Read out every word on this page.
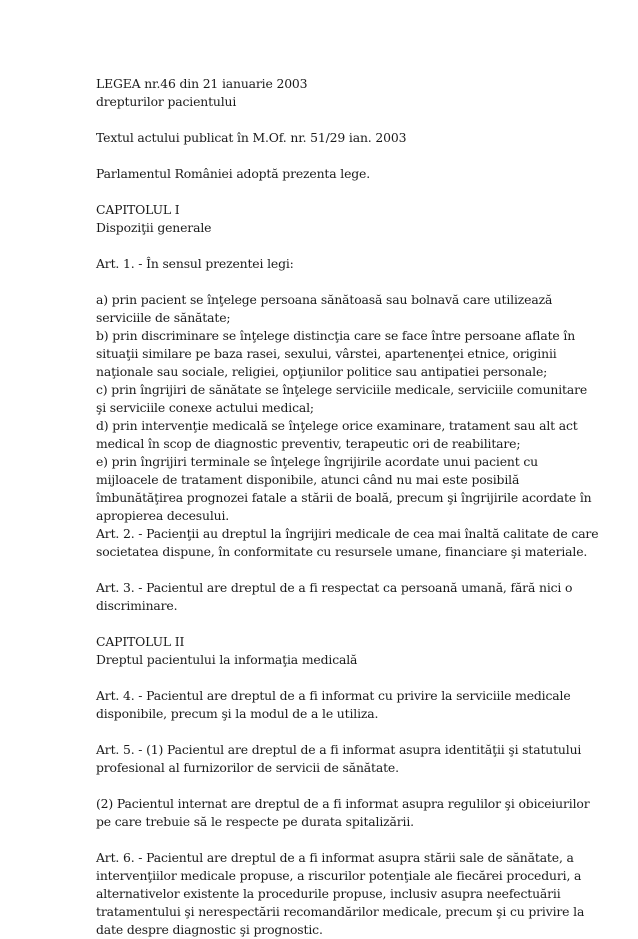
LEGEA nr.46 din 21 ianuarie 2003
drepturilor pacientului
Textul actului publicat în M.Of. nr. 51/29 ian. 2003
Parlamentul României adoptă prezenta lege.
CAPITOLUL I
Dispoziţii generale
Art. 1. - În sensul prezentei legi:
a) prin pacient se înţelege persoana sănătoasă sau bolnavă care utilizează
serviciile de sănătate;
b) prin discriminare se înţelege distincţia care se face între persoane aflate în
situaţii similare pe baza rasei, sexului, vârstei, apartenenţei etnice, originii
naţionale sau sociale, religiei, opţiunilor politice sau antipatiei personale;
c) prin îngrijiri de sănătate se înţelege serviciile medicale, serviciile comunitare
şi serviciile conexe actului medical;
d) prin intervenţie medicală se înţelege orice examinare, tratament sau alt act
medical în scop de diagnostic preventiv, terapeutic ori de reabilitare;
e) prin îngrijiri terminale se înţelege îngrijirile acordate unui pacient cu
mijloacele de tratament disponibile, atunci când nu mai este posibilă
îmbunătăţirea prognozei fatale a stării de boală, precum şi îngrijirile acordate în
apropierea decesului.
Art. 2. - Pacienţii au dreptul la îngrijiri medicale de cea mai înaltă calitate de care
societatea dispune, în conformitate cu resursele umane, financiare şi materiale.
Art. 3. - Pacientul are dreptul de a fi respectat ca persoană umană, fără nici o
discriminare.
CAPITOLUL II
Dreptul pacientului la informaţia medicală
Art. 4. - Pacientul are dreptul de a fi informat cu privire la serviciile medicale
disponibile, precum şi la modul de a le utiliza.
Art. 5. - (1) Pacientul are dreptul de a fi informat asupra identităţii şi statutului
profesional al furnizorilor de servicii de sănătate.
(2) Pacientul internat are dreptul de a fi informat asupra regulilor şi obiceiurilor
pe care trebuie să le respecte pe durata spitalizării.
Art. 6. - Pacientul are dreptul de a fi informat asupra stării sale de sănătate, a
intervenţiilor medicale propuse, a riscurilor potenţiale ale fiecărei proceduri, a
alternativelor existente la procedurile propuse, inclusiv asupra neefectuării
tratamentului şi nerespectării recomandărilor medicale, precum şi cu privire la
date despre diagnostic şi prognostic.
